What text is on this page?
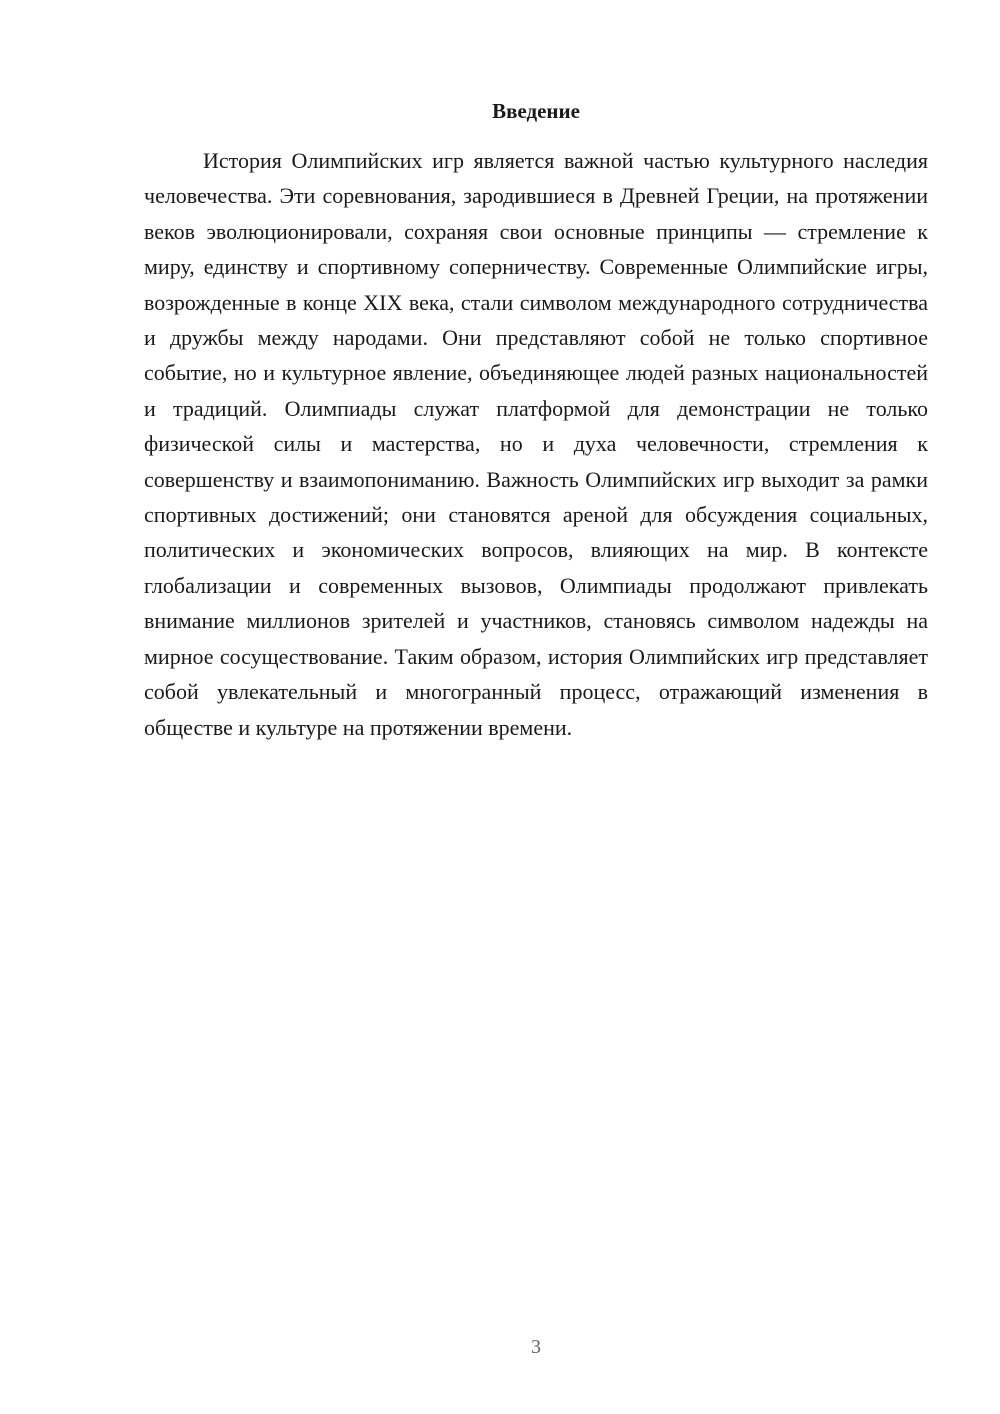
Введение

История Олимпийских игр является важной частью культурного наследия человечества. Эти соревнования, зародившиеся в Древней Греции, на протяжении веков эволюционировали, сохраняя свои основные принципы — стремление к миру, единству и спортивному соперничеству. Современные Олимпийские игры, возрожденные в конце XIX века, стали символом международного сотрудничества и дружбы между народами. Они представляют собой не только спортивное событие, но и культурное явление, объединяющее людей разных национальностей и традиций. Олимпиады служат платформой для демонстрации не только физической силы и мастерства, но и духа человечности, стремления к совершенству и взаимопониманию. Важность Олимпийских игр выходит за рамки спортивных достижений; они становятся ареной для обсуждения социальных, политических и экономических вопросов, влияющих на мир. В контексте глобализации и современных вызовов, Олимпиады продолжают привлекать внимание миллионов зрителей и участников, становясь символом надежды на мирное сосуществование. Таким образом, история Олимпийских игр представляет собой увлекательный и многогранный процесс, отражающий изменения в обществе и культуре на протяжении времени.

3
